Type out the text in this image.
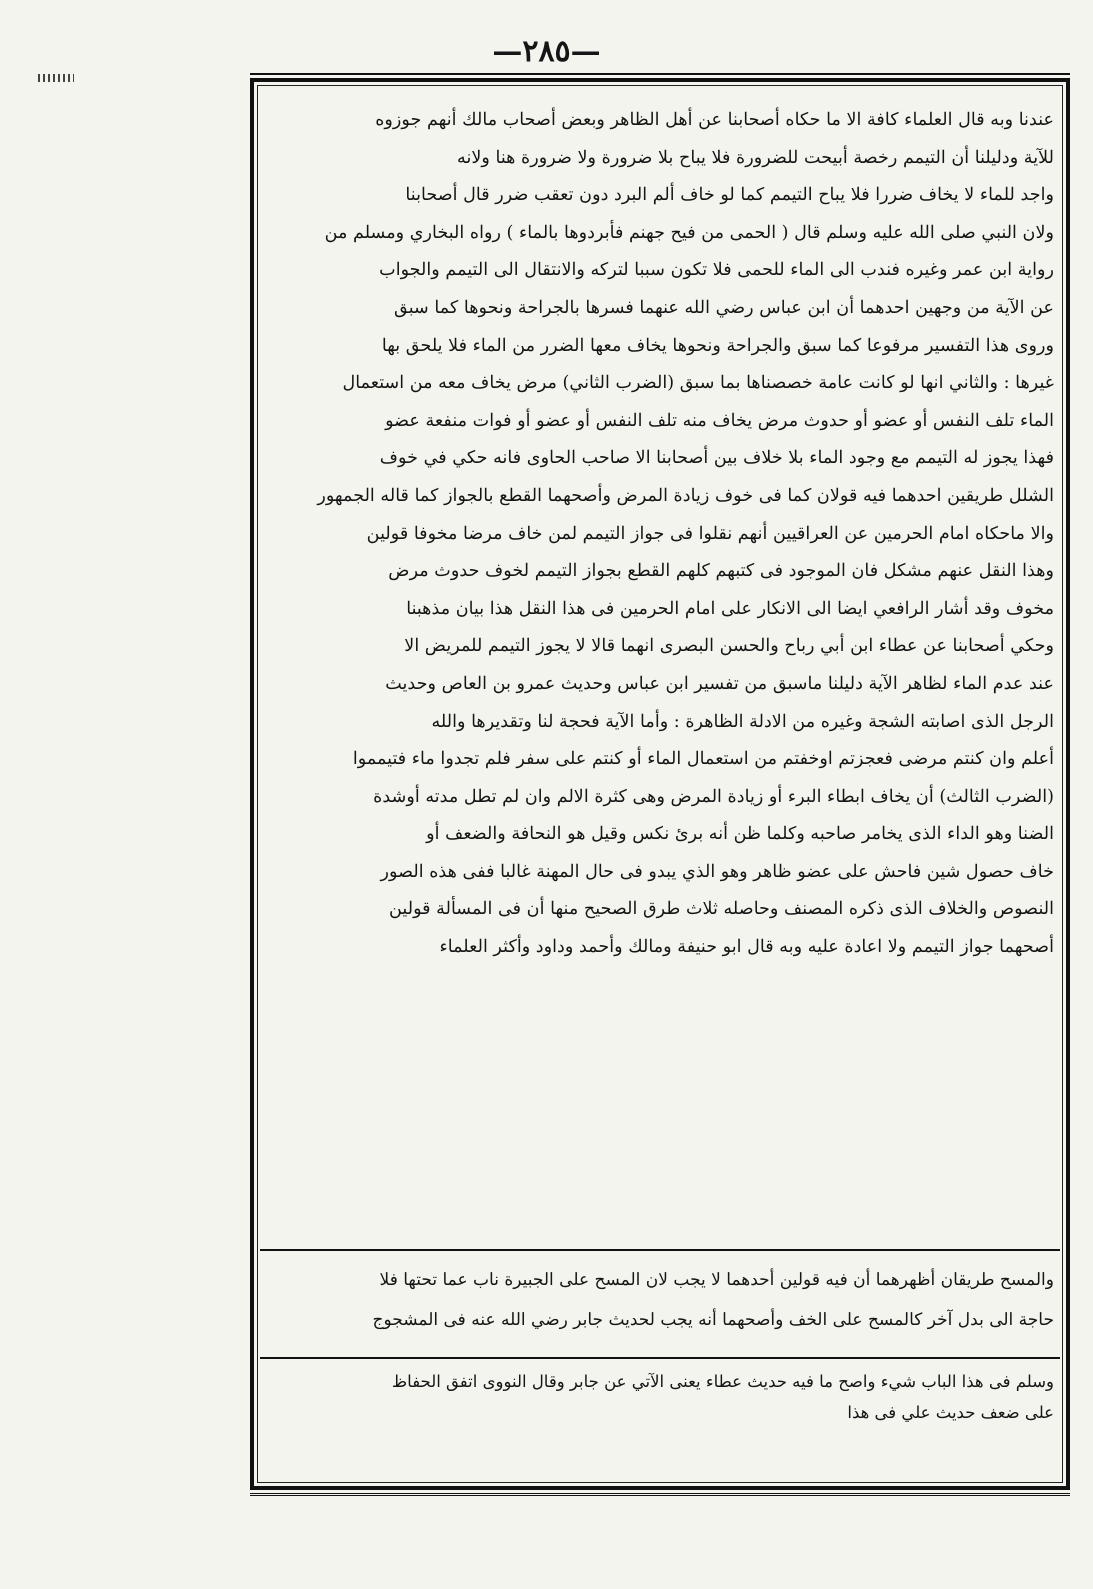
—٢٨٥—
عندنا وبه قال العلماء كافة الا ما حكاه أصحابنا عن أهل الظاهر وبعض أصحاب مالك أنهم جوزوه
للآية ودليلنا أن التيمم رخصة أبيحت للضرورة فلا يباح بلا ضرورة ولا ضرورة هنا ولانه
واجد للماء لا يخاف ضررا فلا يباح التيمم كما لو خاف ألم البرد دون تعقب ضرر قال أصحابنا
ولان النبي صلى الله عليه وسلم قال ( الحمى من فيح جهنم فأبردوها بالماء ) رواه البخاري ومسلم من
رواية ابن عمر وغيره فندب الى الماء للحمى فلا تكون سببا لتركه والانتقال الى التيمم والجواب
عن الآية من وجهين احدهما أن ابن عباس رضي الله عنهما فسرها بالجراحة ونحوها كما سبق
وروى هذا التفسير مرفوعا كما سبق والجراحة ونحوها يخاف معها الضرر من الماء فلا يلحق بها
غيرها : والثاني انها لو كانت عامة خصصناها بما سبق (الضرب الثاني) مرض يخاف معه من استعمال
الماء تلف النفس أو عضو أو حدوث مرض يخاف منه تلف النفس أو عضو أو فوات منفعة عضو
فهذا يجوز له التيمم مع وجود الماء بلا خلاف بين أصحابنا الا صاحب الحاوى فانه حكي في خوف
الشلل طريقين احدهما فيه قولان كما فى خوف زيادة المرض وأصحهما القطع بالجواز كما قاله الجمهور
والا ماحكاه امام الحرمين عن العراقيين أنهم نقلوا فى جواز التيمم لمن خاف مرضا مخوفا قولين
وهذا النقل عنهم مشكل فان الموجود فى كتبهم كلهم القطع بجواز التيمم لخوف حدوث مرض
مخوف وقد أشار الرافعي ايضا الى الانكار على امام الحرمين فى هذا النقل هذا بيان مذهبنا
وحكي أصحابنا عن عطاء ابن أبي رباح والحسن البصرى انهما قالا لا يجوز التيمم للمريض الا
عند عدم الماء لظاهر الآية دليلنا ماسبق من تفسير ابن عباس وحديث عمرو بن العاص وحديث
الرجل الذى اصابته الشجة وغيره من الادلة الظاهرة : وأما الآية فحجة لنا وتقديرها والله
أعلم وان كنتم مرضى فعجزتم اوخفتم من استعمال الماء أو كنتم على سفر فلم تجدوا ماء فتيمموا
(الضرب الثالث) أن يخاف ابطاء البرء أو زيادة المرض وهى كثرة الالم وان لم تطل مدته أوشدة
الضنا وهو الداء الذى يخامر صاحبه وكلما ظن أنه برئ نكس وقيل هو النحافة والضعف أو
خاف حصول شين فاحش على عضو ظاهر وهو الذي يبدو فى حال المهنة غالبا ففى هذه الصور
النصوص والخلاف الذى ذكره المصنف وحاصله ثلاث طرق الصحيح منها أن فى المسألة قولين
أصحهما جواز التيمم ولا اعادة عليه وبه قال ابو حنيفة ومالك وأحمد وداود وأكثر العلماء
والمسح طريقان أظهرهما أن فيه قولين أحدهما لا يجب لان المسح على الجبيرة ناب عما تحتها فلا
حاجة الى بدل آخر كالمسح على الخف وأصحهما أنه يجب لحديث جابر رضي الله عنه فى المشجوج
وسلم فى هذا الباب شيء واصح ما فيه حديث عطاء يعنى الآتي عن جابر وقال النووى اتفق الحفاظ
على ضعف حديث علي فى هذا
